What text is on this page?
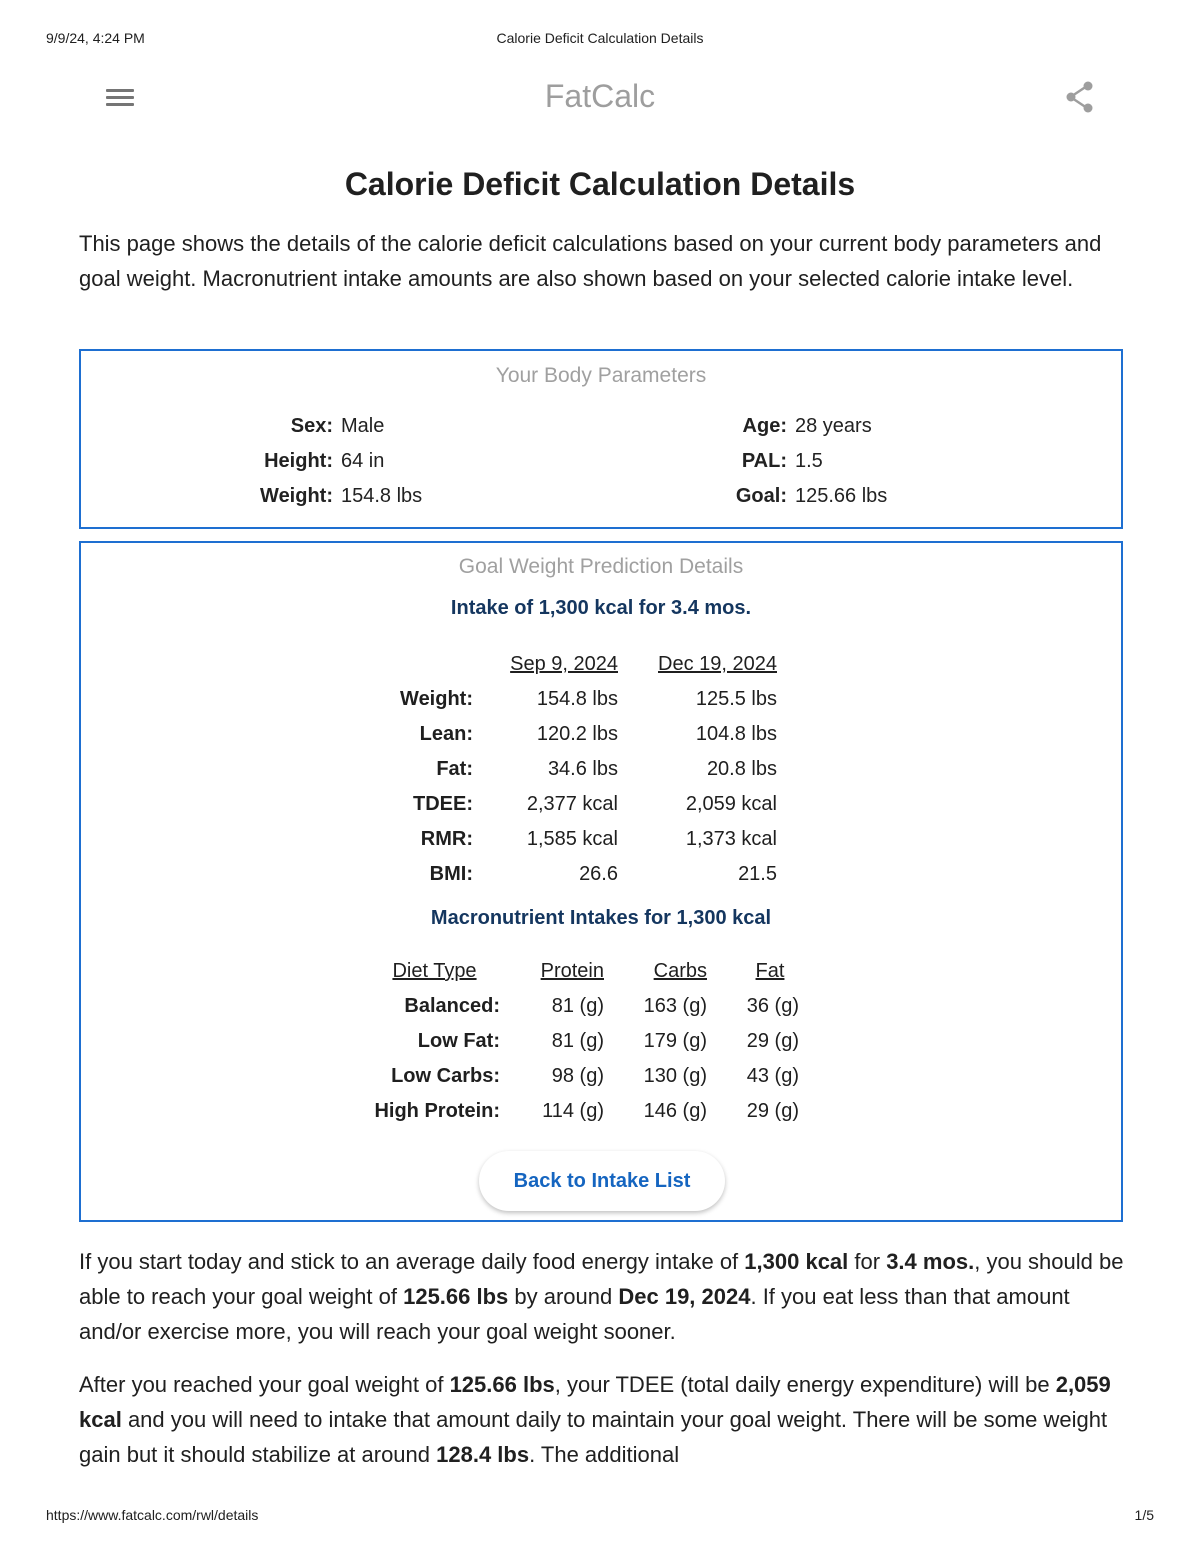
9/9/24, 4:24 PM	Calorie Deficit Calculation Details
FatCalc
Calorie Deficit Calculation Details

This page shows the details of the calorie deficit calculations based on your current body parameters and goal weight. Macronutrient intake amounts are also shown based on your selected calorie intake level.

Your Body Parameters
Sex: Male
Height: 64 in
Weight: 154.8 lbs
Age: 28 years
PAL: 1.5
Goal: 125.66 lbs
Goal Weight Prediction Details
Intake of 1,300 kcal for 3.4 mos.
	Sep 9, 2024	Dec 19, 2024
Weight:	154.8 lbs	125.5 lbs
Lean:	120.2 lbs	104.8 lbs
Fat:	34.6 lbs	20.8 lbs
TDEE:	2,377 kcal	2,059 kcal
RMR:	1,585 kcal	1,373 kcal
BMI:	26.6	21.5
Macronutrient Intakes for 1,300 kcal
Diet Type	Protein	Carbs	Fat
Balanced:	81 (g)	163 (g)	36 (g)
Low Fat:	81 (g)	179 (g)	29 (g)
Low Carbs:	98 (g)	130 (g)	43 (g)
High Protein:	114 (g)	146 (g)	29 (g)
Back to Intake List

If you start today and stick to an average daily food energy intake of 1,300 kcal for 3.4 mos., you should be able to reach your goal weight of 125.66 lbs by around Dec 19, 2024. If you eat less than that amount and/or exercise more, you will reach your goal weight sooner.

After you reached your goal weight of 125.66 lbs, your TDEE (total daily energy expenditure) will be 2,059 kcal and you will need to intake that amount daily to maintain your goal weight. There will be some weight gain but it should stabilize at around 128.4 lbs. The additional

https://www.fatcalc.com/rwl/details	1/5
